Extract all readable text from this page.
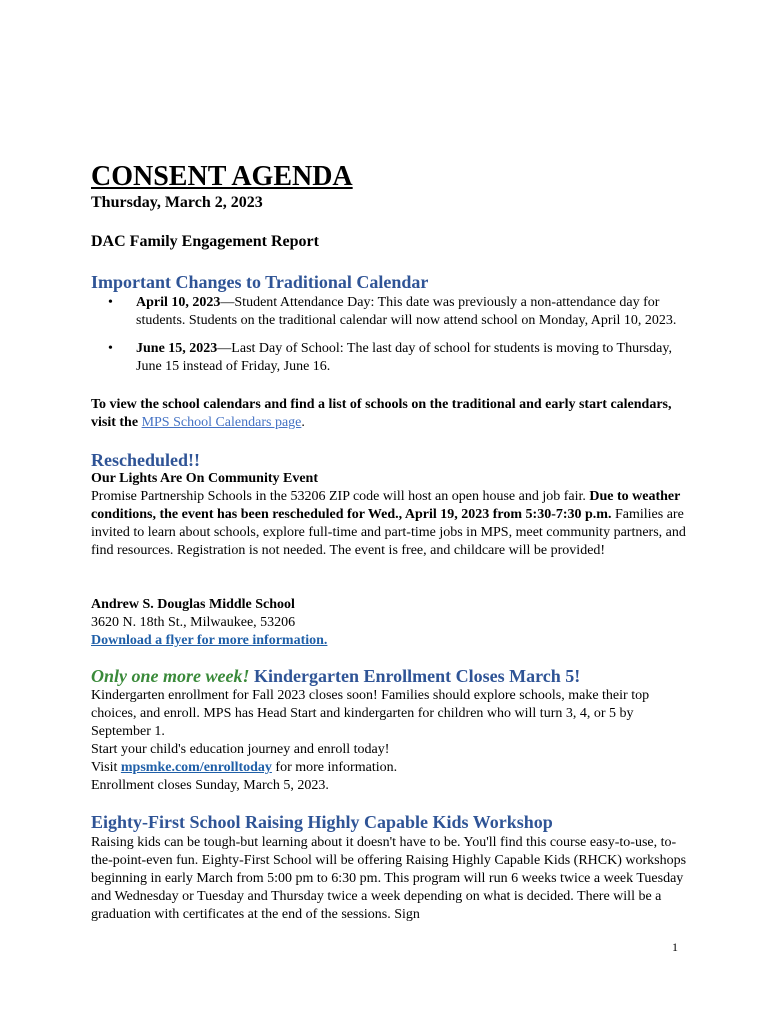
CONSENT AGENDA
Thursday, March 2, 2023
DAC Family Engagement Report
Important Changes to Traditional Calendar
• April 10, 2023—Student Attendance Day: This date was previously a non-attendance day for students. Students on the traditional calendar will now attend school on Monday, April 10, 2023.
• June 15, 2023—Last Day of School: The last day of school for students is moving to Thursday, June 15 instead of Friday, June 16.
To view the school calendars and find a list of schools on the traditional and early start calendars, visit the MPS School Calendars page.
Rescheduled!!
Our Lights Are On Community Event
Promise Partnership Schools in the 53206 ZIP code will host an open house and job fair. Due to weather conditions, the event has been rescheduled for Wed., April 19, 2023 from 5:30-7:30 p.m. Families are invited to learn about schools, explore full-time and part-time jobs in MPS, meet community partners, and find resources. Registration is not needed. The event is free, and childcare will be provided!
Andrew S. Douglas Middle School
3620 N. 18th St., Milwaukee, 53206
Download a flyer for more information.
Only one more week! Kindergarten Enrollment Closes March 5!
Kindergarten enrollment for Fall 2023 closes soon! Families should explore schools, make their top choices, and enroll. MPS has Head Start and kindergarten for children who will turn 3, 4, or 5 by September 1.
Start your child's education journey and enroll today!
Visit mpsmke.com/enrolltoday for more information.
Enrollment closes Sunday, March 5, 2023.
Eighty-First School Raising Highly Capable Kids Workshop
Raising kids can be tough-but learning about it doesn't have to be. You'll find this course easy-to-use, to-the-point-even fun. Eighty-First School will be offering Raising Highly Capable Kids (RHCK) workshops beginning in early March from 5:00 pm to 6:30 pm. This program will run 6 weeks twice a week Tuesday and Wednesday or Tuesday and Thursday twice a week depending on what is decided. There will be a graduation with certificates at the end of the sessions. Sign
1
